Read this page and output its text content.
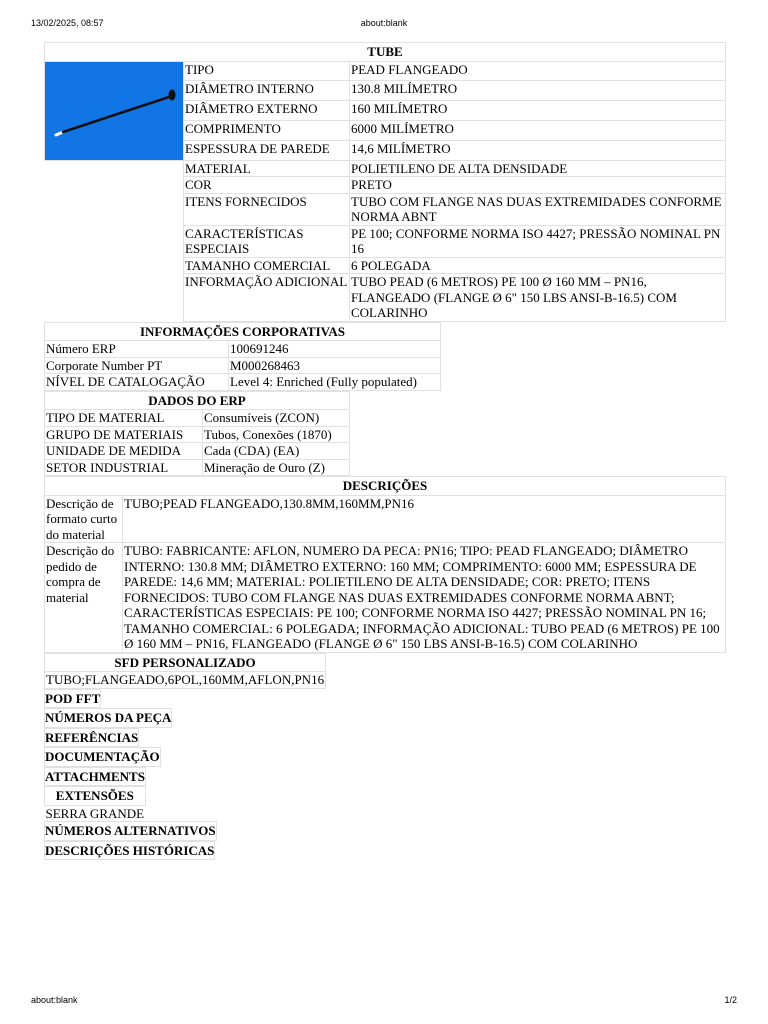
13/02/2025, 08:57	about:blank
TUBE		

	TIPO	PEAD FLANGEADO
	DIÂMETRO INTERNO	130.8 MILÍMETRO
	DIÂMETRO EXTERNO	160 MILÍMETRO
	COMPRIMENTO	6000 MILÍMETRO
	ESPESSURA DE PAREDE	14,6 MILÍMETRO
	MATERIAL	POLIETILENO DE ALTA DENSIDADE
	COR	PRETO
	ITENS FORNECIDOS	TUBO COM FLANGE NAS DUAS EXTREMIDADES CONFORME NORMA ABNT
	CARACTERÍSTICAS ESPECIAIS	PE 100; CONFORME NORMA ISO 4427; PRESSÃO NOMINAL PN 16
	TAMANHO COMERCIAL	6 POLEGADA
	INFORMAÇÃO ADICIONAL	TUBO PEAD (6 METROS) PE 100 Ø 160 MM – PN16, FLANGEADO (FLANGE Ø 6" 150 LBS ANSI-B-16.5) COM COLARINHO
INFORMAÇÕES CORPORATIVAS	
Número ERP	100691246
Corporate Number PT	M000268463
NÍVEL DE CATALOGAÇÃO	Level 4: Enriched (Fully populated)
DADOS DO ERP	
TIPO DE MATERIAL	Consumíveis (ZCON)
GRUPO DE MATERIAIS	Tubos, Conexões (1870)
UNIDADE DE MEDIDA	Cada (CDA) (EA)
SETOR INDUSTRIAL	Mineração de Ouro (Z)
DESCRIÇÕES	
Descrição de formato curto do material	TUBO;PEAD FLANGEADO,130.8MM,160MM,PN16
Descrição do pedido de compra de material	TUBO: FABRICANTE: AFLON, NUMERO DA PECA: PN16; TIPO: PEAD FLANGEADO; DIÂMETRO INTERNO: 130.8 MM; DIÂMETRO EXTERNO: 160 MM; COMPRIMENTO: 6000 MM; ESPESSURA DE PAREDE: 14,6 MM; MATERIAL: POLIETILENO DE ALTA DENSIDADE; COR: PRETO; ITENS FORNECIDOS: TUBO COM FLANGE NAS DUAS EXTREMIDADES CONFORME NORMA ABNT; CARACTERÍSTICAS ESPECIAIS: PE 100; CONFORME NORMA ISO 4427; PRESSÃO NOMINAL PN 16; TAMANHO COMERCIAL: 6 POLEGADA; INFORMAÇÃO ADICIONAL: TUBO PEAD (6 METROS) PE 100 Ø 160 MM – PN16, FLANGEADO (FLANGE Ø 6" 150 LBS ANSI-B-16.5) COM COLARINHO
SFD PERSONALIZADO
TUBO;FLANGEADO,6POL,160MM,AFLON,PN16
POD FFT
NÚMEROS DA PEÇA
REFERÊNCIAS
DOCUMENTAÇÃO
ATTACHMENTS
EXTENSÕES
SERRA GRANDE
NÚMEROS ALTERNATIVOS
DESCRIÇÕES HISTÓRICAS
about:blank	1/2
